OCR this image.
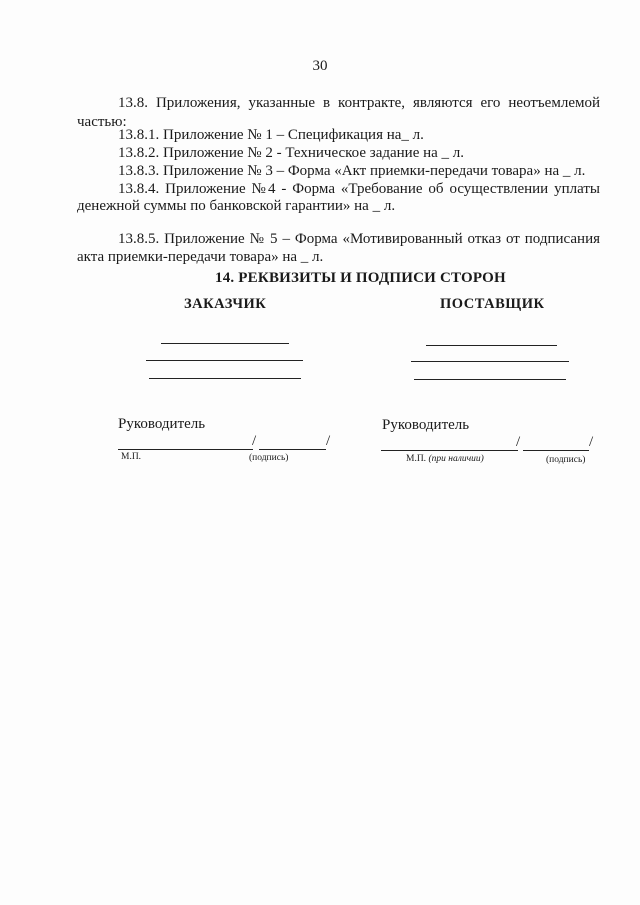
30
13.8. Приложения, указанные в контракте, являются его неотъемлемой
частью:
13.8.1. Приложение № 1 – Спецификация на_ л.
13.8.2. Приложение № 2 - Техническое задание на _ л.
13.8.3. Приложение № 3 – Форма «Акт приемки-передачи товара» на _ л.
13.8.4. Приложение №4 - Форма «Требование об осуществлении уплаты
денежной суммы по банковской гарантии» на _ л.
13.8.5. Приложение № 5 – Форма «Мотивированный отказ от подписания
акта приемки-передачи товара» на _ л.
14. РЕКВИЗИТЫ И ПОДПИСИ СТОРОН
ЗАКАЗЧИК	ПОСТАВЩИК
Руководитель
/	/
М.П.	(подпись)
Руководитель
/	/
М.П. (при наличии)	(подпись)
